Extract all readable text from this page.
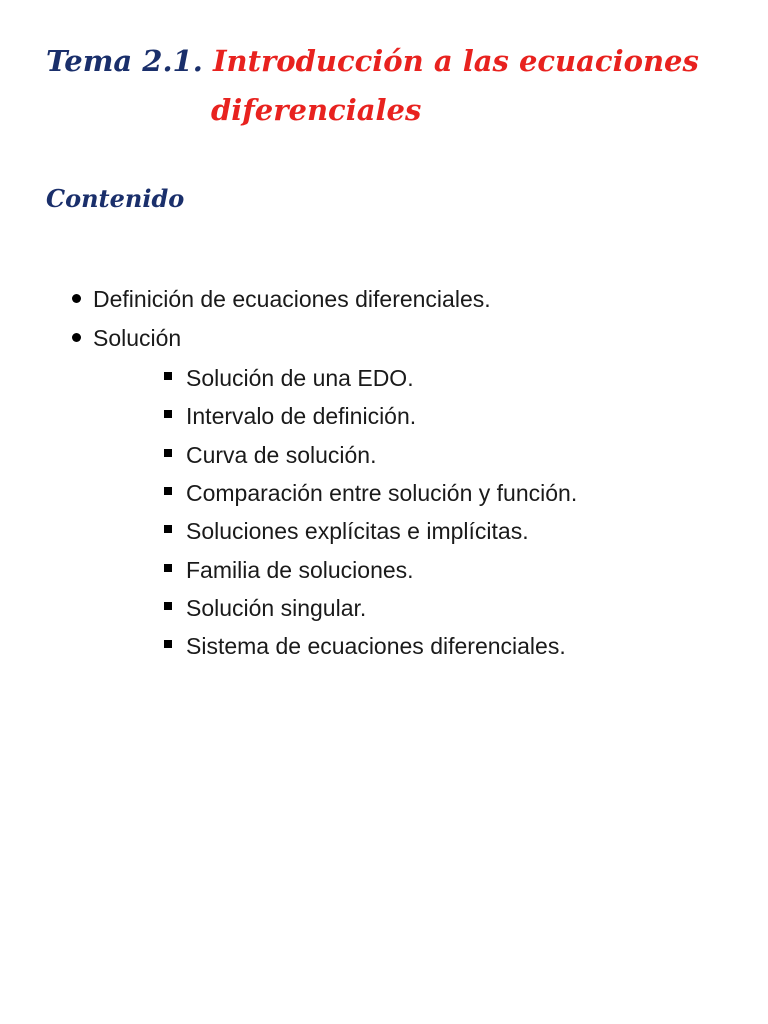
Tema 2.1. Introducción a las ecuaciones
diferenciales
Contenido
Definición de ecuaciones diferenciales.
Solución
Solución de una EDO.
Intervalo de definición.
Curva de solución.
Comparación entre solución y función.
Soluciones explícitas e implícitas.
Familia de soluciones.
Solución singular.
Sistema de ecuaciones diferenciales.
